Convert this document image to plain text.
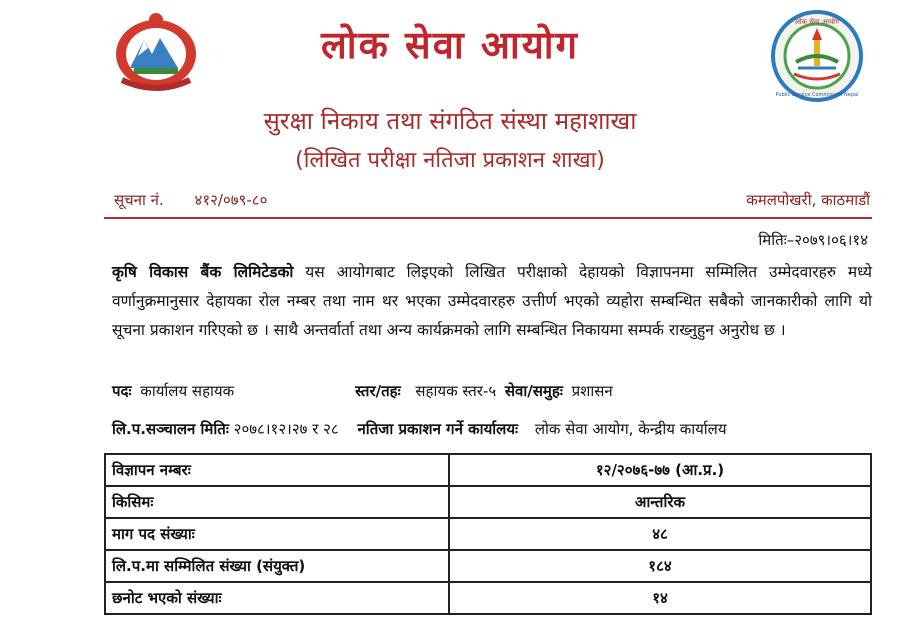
लोक सेवा आयोग
लोक सेवा आयोग
Public Service Commission Nepal
सुरक्षा निकाय तथा संगठित संस्था महाशाखा
(लिखित परीक्षा नतिजा प्रकाशन शाखा)
सूचना नं. ४१२/०७९-८०	कमलपोखरी, काठमाडौं
मितिः–२०७९।०६।१४
कृषि विकास बैंक लिमिटेडको यस आयोगबाट लिइएको लिखित परीक्षाको देहायको विज्ञापनमा सम्मिलित उम्मेदवारहरु मध्ये वर्णानुक्रमानुसार देहायका रोल नम्बर तथा नाम थर भएका उम्मेदवारहरु उत्तीर्ण भएको व्यहोरा सम्बन्धित सबैको जानकारीको लागि यो सूचना प्रकाशन गरिएको छ । साथै अन्तर्वार्ता तथा अन्य कार्यक्रमको लागि सम्बन्धित निकायमा सम्पर्क राख्नुहुन अनुरोध छ ।
पदः कार्यालय सहायक	स्तर/तहः सहायक स्तर-५ सेवा/समुहः प्रशासन
लि.प.सञ्चालन मितिः २०७८।१२।२७ र २८ नतिजा प्रकाशन गर्ने कार्यालयः लोक सेवा आयोग, केन्द्रीय कार्यालय
विज्ञापन नम्बरः	१२/२०७६-७७ (आ.प्र.)
किसिमः	आन्तरिक
माग पद संख्याः	४८
लि.प.मा सम्मिलित संख्या (संयुक्त)	१८४
छनोट भएको संख्याः	१४
